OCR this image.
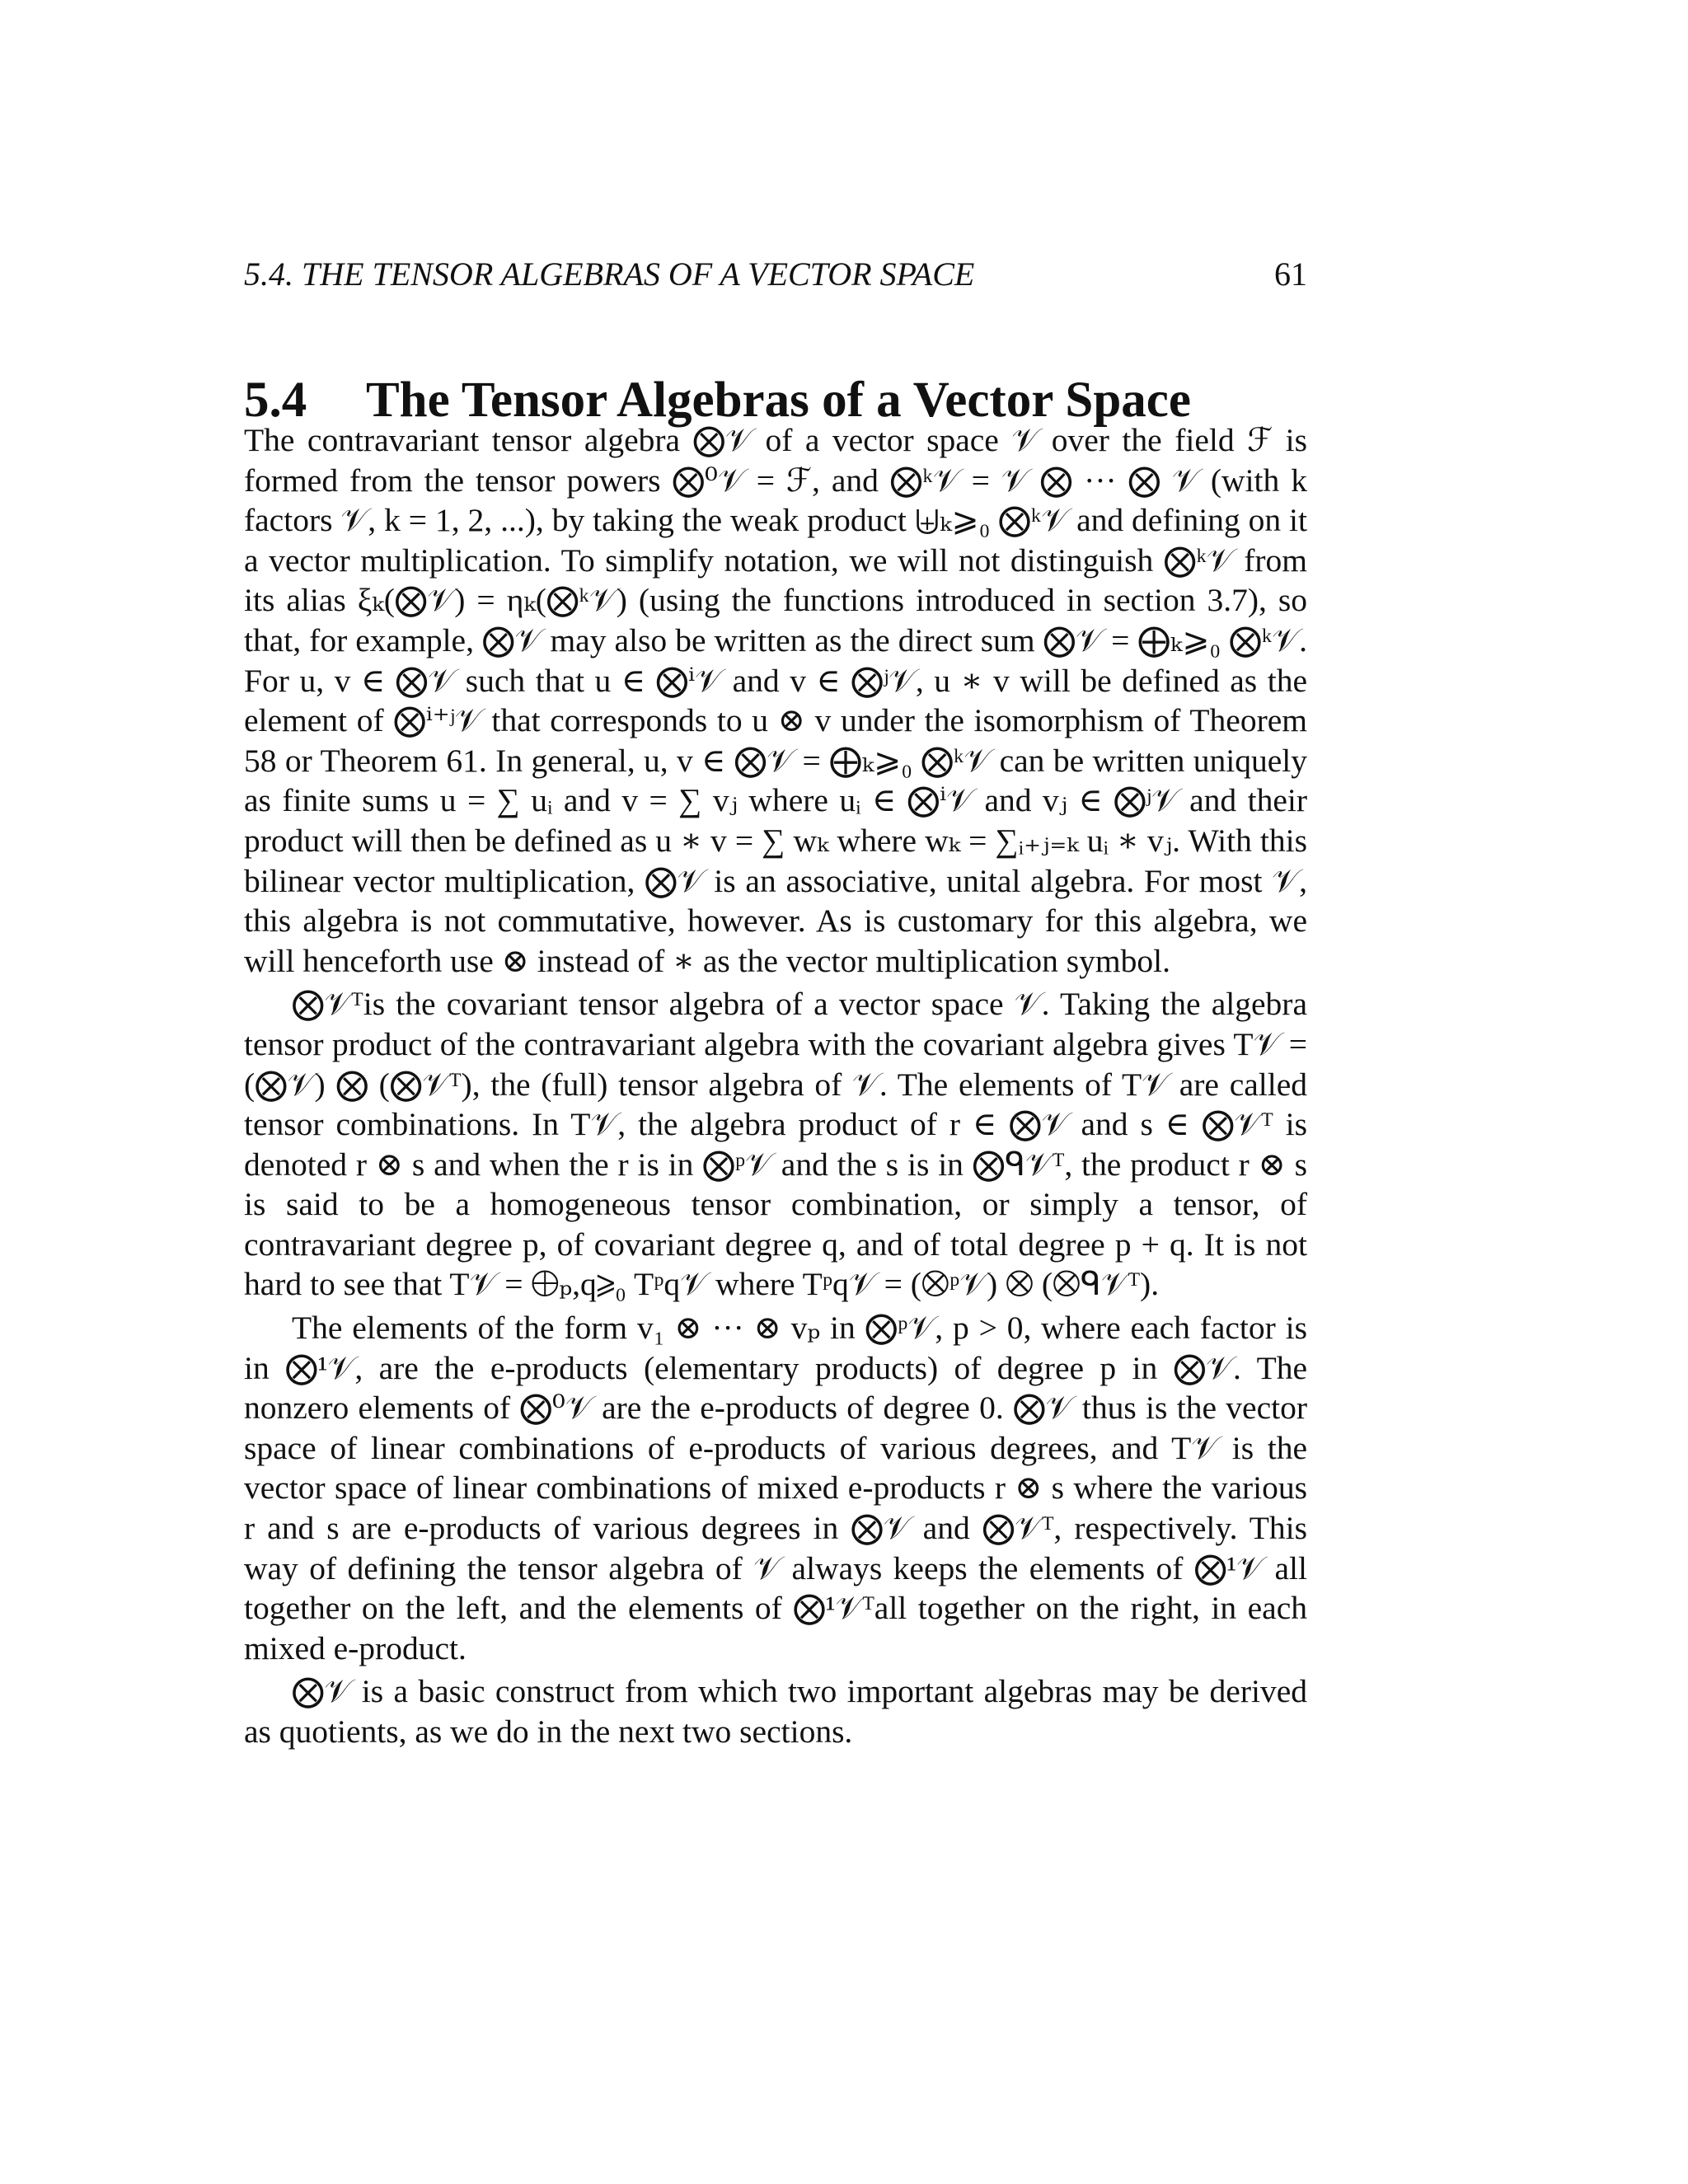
5.4. THE TENSOR ALGEBRAS OF A VECTOR SPACE	61
5.4 The Tensor Algebras of a Vector Space

The contravariant tensor algebra ⨂𝒱 of a vector space 𝒱 over the field ℱ is formed from the tensor powers ⨂⁰𝒱 = ℱ, and ⨂ᵏ𝒱 = 𝒱 ⨂ ··· ⨂ 𝒱 (with k factors 𝒱, k = 1, 2, ...), by taking the weak product ⨄ₖ⩾₀ ⨂ᵏ𝒱 and defining on it a vector multiplication. To simplify notation, we will not distinguish ⨂ᵏ𝒱 from its alias ξₖ(⨂𝒱) = ηₖ(⨂ᵏ𝒱) (using the functions introduced in section 3.7), so that, for example, ⨂𝒱 may also be written as the direct sum ⨂𝒱 = ⨁ₖ⩾₀ ⨂ᵏ𝒱. For u, v ∈ ⨂𝒱 such that u ∈ ⨂ⁱ𝒱 and v ∈ ⨂ʲ𝒱, u ∗ v will be defined as the element of ⨂ⁱ⁺ʲ𝒱 that corresponds to u ⊗ v under the isomorphism of Theorem 58 or Theorem 61. In general, u, v ∈ ⨂𝒱 = ⨁ₖ⩾₀ ⨂ᵏ𝒱 can be written uniquely as finite sums u = ∑ uᵢ and v = ∑ vⱼ where uᵢ ∈ ⨂ⁱ𝒱 and vⱼ ∈ ⨂ʲ𝒱 and their product will then be defined as u ∗ v = ∑ wₖ where wₖ = ∑ᵢ₊ⱼ₌ₖ uᵢ ∗ vⱼ. With this bilinear vector multiplication, ⨂𝒱 is an associative, unital algebra. For most 𝒱, this algebra is not commutative, however. As is customary for this algebra, we will henceforth use ⊗ instead of ∗ as the vector multiplication symbol.

⨂𝒱ᵀis the covariant tensor algebra of a vector space 𝒱. Taking the algebra tensor product of the contravariant algebra with the covariant algebra gives T𝒱 = (⨂𝒱) ⨂ (⨂𝒱ᵀ), the (full) tensor algebra of 𝒱. The elements of T𝒱 are called tensor combinations. In T𝒱, the algebra product of r ∈ ⨂𝒱 and s ∈ ⨂𝒱ᵀ is denoted r ⊗ s and when the r is in ⨂ᵖ𝒱 and the s is in ⨂ᑫ𝒱ᵀ, the product r ⊗ s is said to be a homogeneous tensor combination, or simply a tensor, of contravariant degree p, of covariant degree q, and of total degree p + q. It is not hard to see that T𝒱 = ⨁ₚ,q⩾₀ Tᵖq𝒱 where Tᵖq𝒱 = (⨂ᵖ𝒱) ⨂ (⨂ᑫ𝒱ᵀ).

The elements of the form v₁ ⊗ ··· ⊗ vₚ in ⨂ᵖ𝒱, p > 0, where each factor is in ⨂¹𝒱, are the e-products (elementary products) of degree p in ⨂𝒱. The nonzero elements of ⨂⁰𝒱 are the e-products of degree 0. ⨂𝒱 thus is the vector space of linear combinations of e-products of various degrees, and T𝒱 is the vector space of linear combinations of mixed e-products r ⊗ s where the various r and s are e-products of various degrees in ⨂𝒱 and ⨂𝒱ᵀ, respectively. This way of defining the tensor algebra of 𝒱 always keeps the elements of ⨂¹𝒱 all together on the left, and the elements of ⨂¹𝒱ᵀall together on the right, in each mixed e-product.

⨂𝒱 is a basic construct from which two important algebras may be derived as quotients, as we do in the next two sections.
